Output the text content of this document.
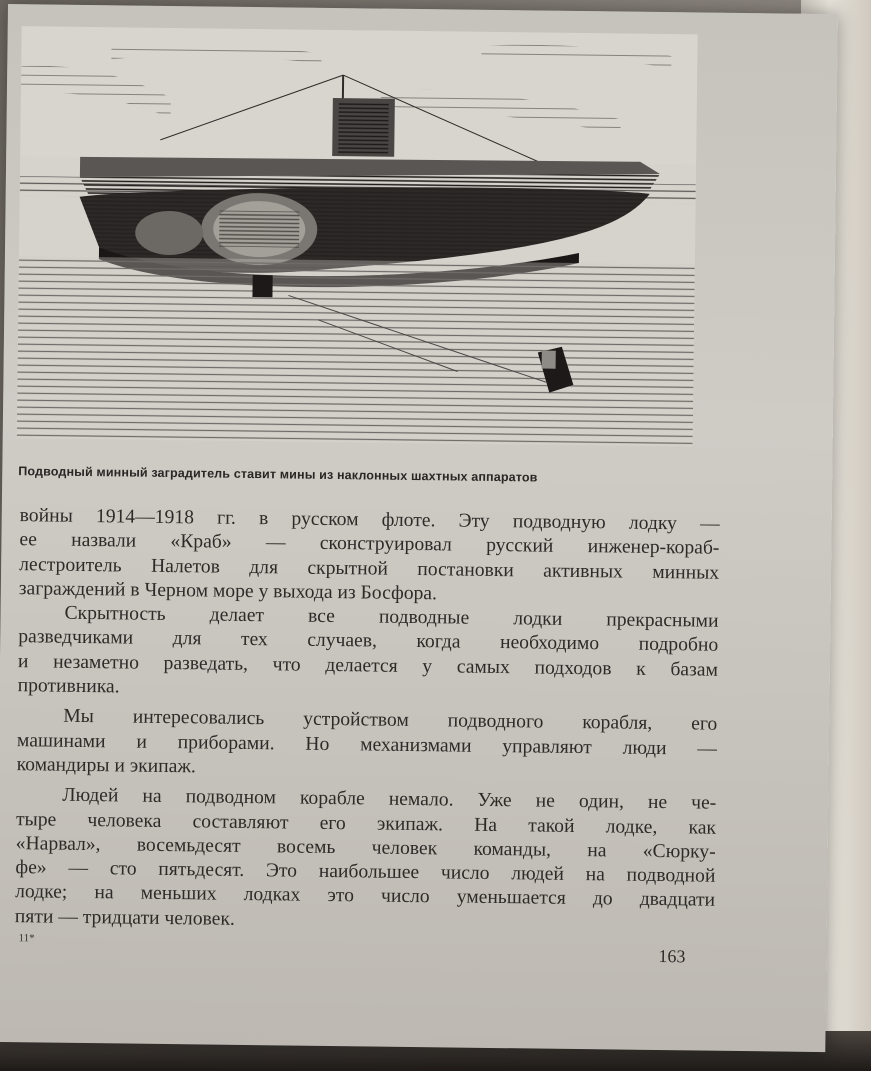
Подводный минный заградитель ставит мины из наклонных шахтных аппаратов
войны 1914—1918 гг. в русском флоте. Эту подводную лодку —
ее назвали «Краб» — сконструировал русский инженер-кораб-
лестроитель Налетов для скрытной постановки активных минных
заграждений в Черном море у выхода из Босфора.
Скрытность делает все подводные лодки прекрасными
разведчиками для тех случаев, когда необходимо подробно
и незаметно разведать, что делается у самых подходов к базам
противника.
Мы интересовались устройством подводного корабля, его
машинами и приборами. Но механизмами управляют люди —
командиры и экипаж.
Людей на подводном корабле немало. Уже не один, не че-
тыре человека составляют его экипаж. На такой лодке, как
«Нарвал», восемьдесят восемь человек команды, на «Сюрку-
фе» — сто пятьдесят. Это наибольшее число людей на подводной
лодке; на меньших лодках это число уменьшается до двадцати
пяти — тридцати человек.
11*
163
